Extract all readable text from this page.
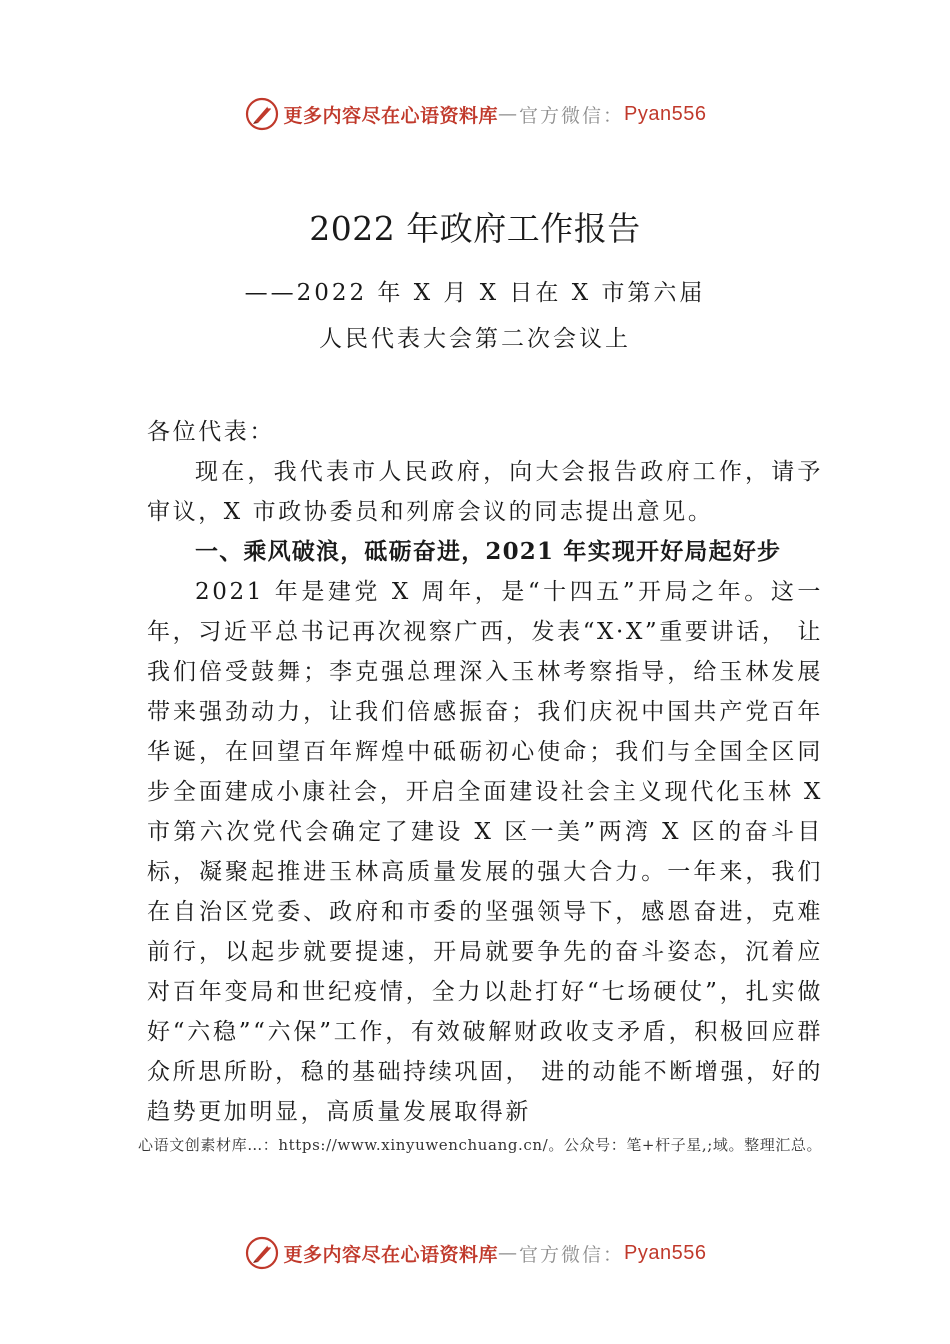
更多内容尽在心语资料库 — 官方微信： Pyan556
2022 年政府工作报告
——2022 年 X 月 X 日在 X 市第六届
人民代表大会第二次会议上

各位代表：

现在，我代表市人民政府，向大会报告政府工作，请予审议，X 市政协委员和列席会议的同志提出意见。

一、乘风破浪，砥砺奋进，2021 年实现开好局起好步

2021 年是建党 X 周年，是“十四五”开局之年。这一年，习近平总书记再次视察广西，发表“X·X”重要讲话， 让我们倍受鼓舞；李克强总理深入玉林考察指导，给玉林发展带来强劲动力，让我们倍感振奋；我们庆祝中国共产党百年华诞，在回望百年辉煌中砥砺初心使命；我们与全国全区同步全面建成小康社会，开启全面建设社会主义现代化玉林 X 市第六次党代会确定了建设 X 区一美”两湾 X 区的奋斗目标，凝聚起推进玉林高质量发展的强大合力。一年来，我们在自治区党委、政府和市委的坚强领导下，感恩奋进，克难前行，以起步就要提速，开局就要争先的奋斗姿态，沉着应对百年变局和世纪疫情，全力以赴打好“七场硬仗”，扎实做好“六稳”“六保”工作，有效破解财政收支矛盾，积极回应群众所思所盼，稳的基础持续巩固， 进的动能不断增强，好的趋势更加明显，高质量发展取得新

心语文创素材库…：https://www.xinyuwenchuang.cn/。公众号：笔+杆子星,;域。整理汇总。
更多内容尽在心语资料库 — 官方微信： Pyan556
